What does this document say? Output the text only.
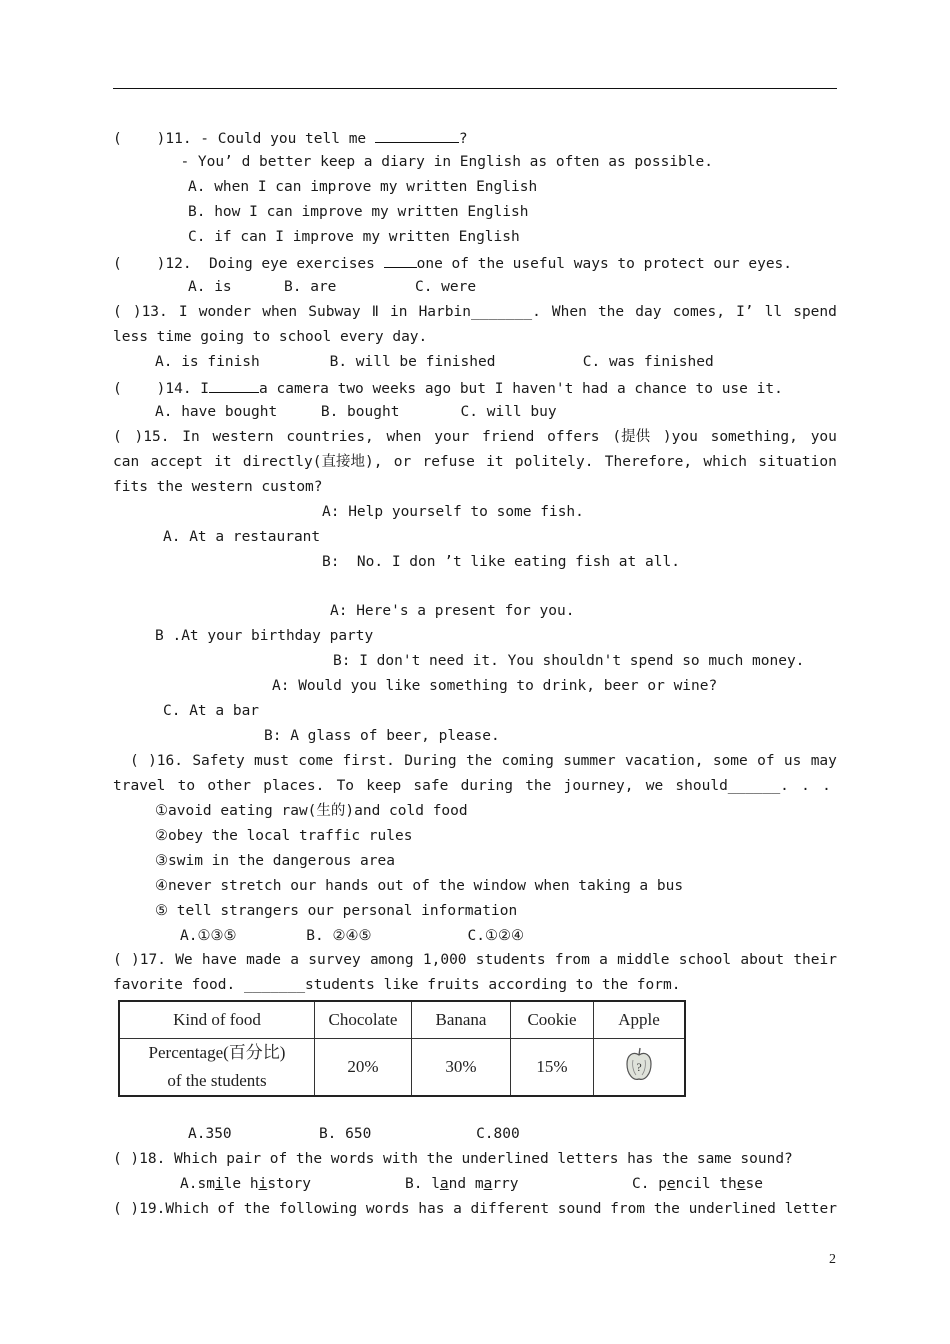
(    )11. - Could you tell me	?
- You’ d better keep a diary in English as often as possible.
A. when I can improve my written English
B. how I can improve my written English
C. if can I improve my written English
(    )12.  Doing eye exercises one of the useful ways to protect our eyes.
A. is      B. are         C. were
( )13. I wonder when Subway Ⅱ in Harbin_______. When the day comes, I’ ll spend
less time going to school every day.
A. is finish        B. will be finished          C. was finished
(    )14. I	a camera two weeks ago but I haven't had a chance to use it.
A. have bought     B. bought       C. will buy
( )15. In western countries, when your friend offers (提供 )you something, you
can accept it directly(直接地), or refuse it politely. Therefore, which situation
fits the western custom?
A: Help yourself to some fish.
A. At a restaurant
B:  No. I don ’t like eating fish at all.
A: Here's a present for you.
B .At your birthday party
B: I don't need it. You shouldn't spend so much money.
A: Would you like something to drink, beer or wine?
C. At a bar
B: A glass of beer, please.
( )16. Safety must come first. During the coming summer vacation, some of us may
travel to other places. To keep safe during the journey, we should______. . .
①avoid eating raw(生的)and cold food
②obey the local traffic rules
③swim in the dangerous area
④never stretch our hands out of the window when taking a bus
⑤ tell strangers our personal information
A.①③⑤        B. ②④⑤           C.①②④
( )17. We have made a survey among 1,000 students from a middle school about their
favorite food. _______students like fruits according to the form.
Kind of food	Chocolate	Banana	Cookie	Apple

Percentage(百分比)
of the students	20%	30%	15%	?
A.350          B. 650            C.800
( )18. Which pair of the words with the underlined letters has the same sound?
A.smile history	B. land marry	C. pencil these
( )19.Which of the following words has a different sound from the underlined letter
2
